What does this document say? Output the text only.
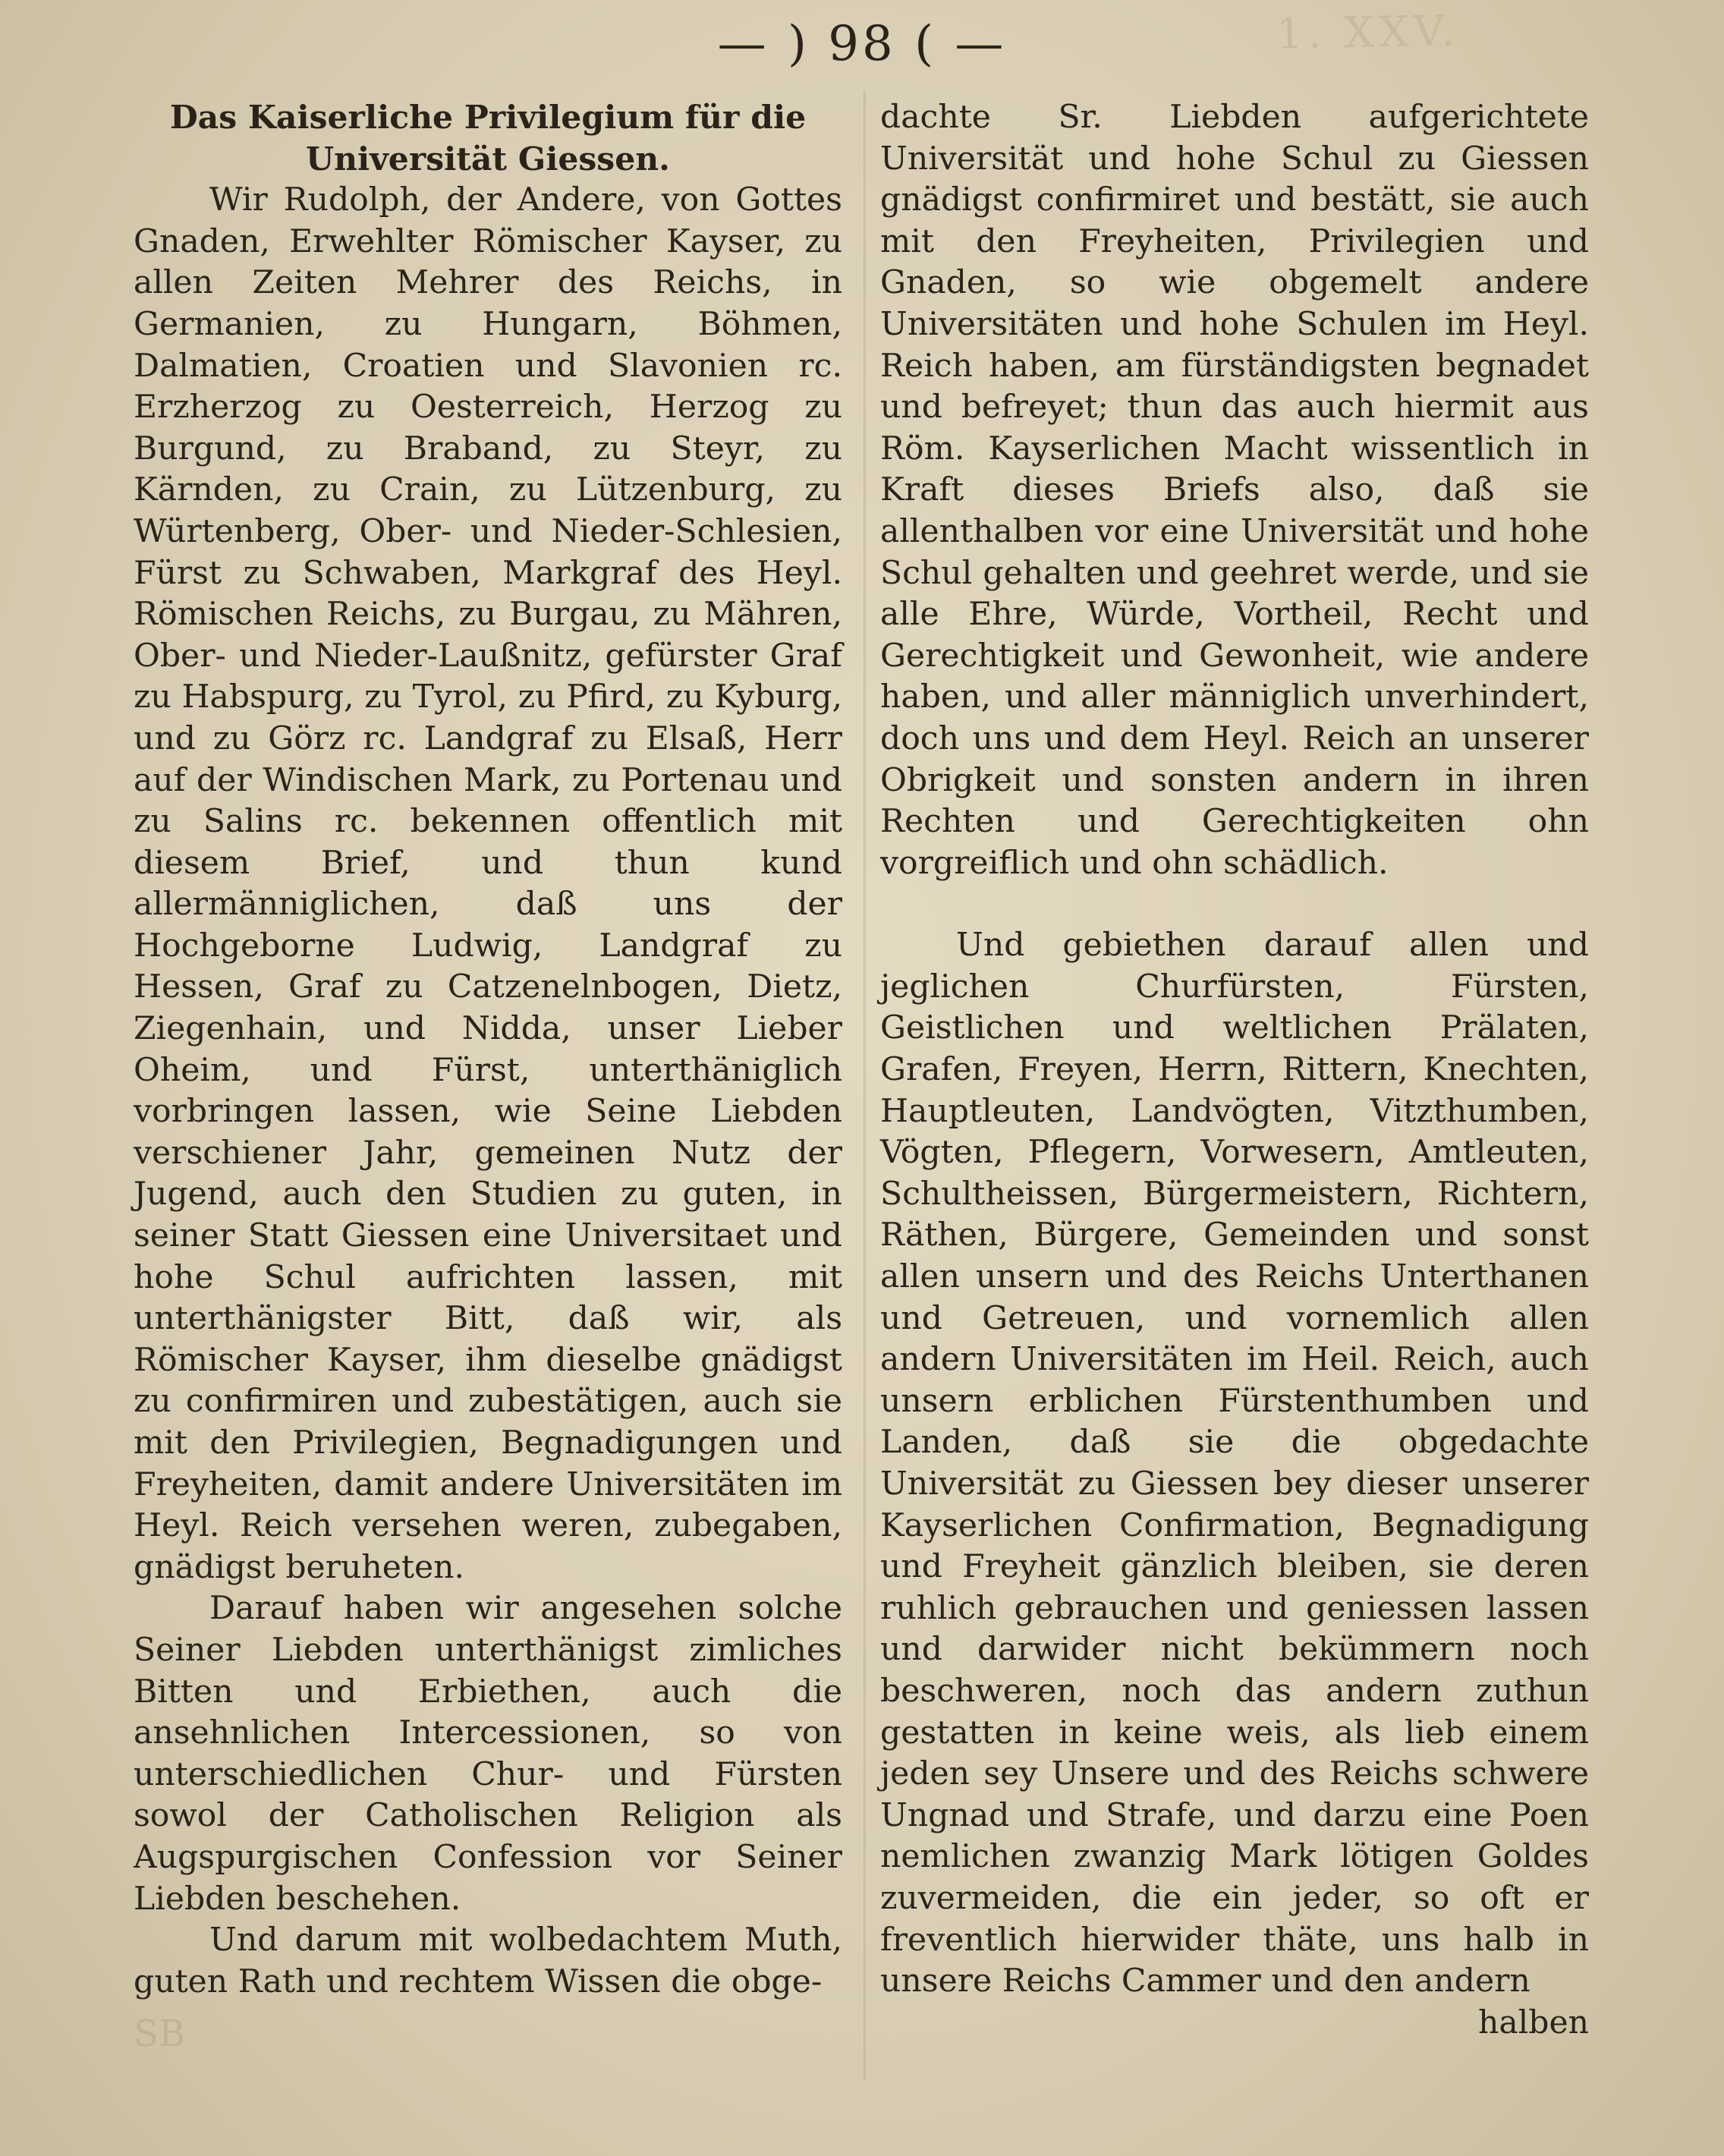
1. XXV.
— ) 98 ( —

Das Kaiserliche Privilegium für die Universität Giessen.

Wir Rudolph, der Andere, von Gottes Gnaden, Erwehlter Römischer Kayser, zu allen Zeiten Mehrer des Reichs, in Germanien, zu Hungarn, Böhmen, Dalmatien, Croatien und Slavonien rc. Erzherzog zu Oesterreich, Herzog zu Burgund, zu Braband, zu Steyr, zu Kärnden, zu Crain, zu Lützenburg, zu Würtenberg, Ober- und Nieder-Schlesien, Fürst zu Schwaben, Markgraf des Heyl. Römischen Reichs, zu Burgau, zu Mähren, Ober- und Nieder-Laußnitz, gefürster Graf zu Habspurg, zu Tyrol, zu Pfird, zu Kyburg, und zu Görz rc. Landgraf zu Elsaß, Herr auf der Windischen Mark, zu Portenau und zu Salins rc. bekennen offentlich mit diesem Brief, und thun kund allermänniglichen, daß uns der Hochgeborne Ludwig, Landgraf zu Hessen, Graf zu Catzenelnbogen, Dietz, Ziegenhain, und Nidda, unser Lieber Oheim, und Fürst, unterthäniglich vorbringen lassen, wie Seine Liebden verschiener Jahr, gemeinen Nutz der Jugend, auch den Studien zu guten, in seiner Statt Giessen eine Universitaet und hohe Schul aufrichten lassen, mit unterthänigster Bitt, daß wir, als Römischer Kayser, ihm dieselbe gnädigst zu confirmiren und zubestätigen, auch sie mit den Privilegien, Begnadigungen und Freyheiten, damit andere Universitäten im Heyl. Reich versehen weren, zubegaben, gnädigst beruheten.

Darauf haben wir angesehen solche Seiner Liebden unterthänigst zimliches Bitten und Erbiethen, auch die ansehnlichen Intercessionen, so von unterschiedlichen Chur- und Fürsten sowol der Catholischen Religion als Augspurgischen Confession vor Seiner Liebden beschehen.

Und darum mit wolbedachtem Muth, guten Rath und rechtem Wissen die obge-

dachte Sr. Liebden aufgerichtete Universität und hohe Schul zu Giessen gnädigst confirmiret und bestätt, sie auch mit den Freyheiten, Privilegien und Gnaden, so wie obgemelt andere Universitäten und hohe Schulen im Heyl. Reich haben, am fürständigsten begnadet und befreyet; thun das auch hiermit aus Röm. Kayserlichen Macht wissentlich in Kraft dieses Briefs also, daß sie allenthalben vor eine Universität und hohe Schul gehalten und geehret werde, und sie alle Ehre, Würde, Vortheil, Recht und Gerechtigkeit und Gewonheit, wie andere haben, und aller männiglich unverhindert, doch uns und dem Heyl. Reich an unserer Obrigkeit und sonsten andern in ihren Rechten und Gerechtigkeiten ohn vorgreiflich und ohn schädlich.

Und gebiethen darauf allen und jeglichen Churfürsten, Fürsten, Geistlichen und weltlichen Prälaten, Grafen, Freyen, Herrn, Rittern, Knechten, Hauptleuten, Landvögten, Vitzthumben, Vögten, Pflegern, Vorwesern, Amtleuten, Schultheissen, Bürgermeistern, Richtern, Räthen, Bürgere, Gemeinden und sonst allen unsern und des Reichs Unterthanen und Getreuen, und vornemlich allen andern Universitäten im Heil. Reich, auch unsern erblichen Fürstenthumben und Landen, daß sie die obgedachte Universität zu Giessen bey dieser unserer Kayserlichen Confirmation, Begnadigung und Freyheit gänzlich bleiben, sie deren ruhlich gebrauchen und geniessen lassen und darwider nicht bekümmern noch beschweren, noch das andern zuthun gestatten in keine weis, als lieb einem jeden sey Unsere und des Reichs schwere Ungnad und Strafe, und darzu eine Poen nemlichen zwanzig Mark lötigen Goldes zuvermeiden, die ein jeder, so oft er freventlich hierwider thäte, uns halb in unsere Reichs Cammer und den andern

halben

SB
